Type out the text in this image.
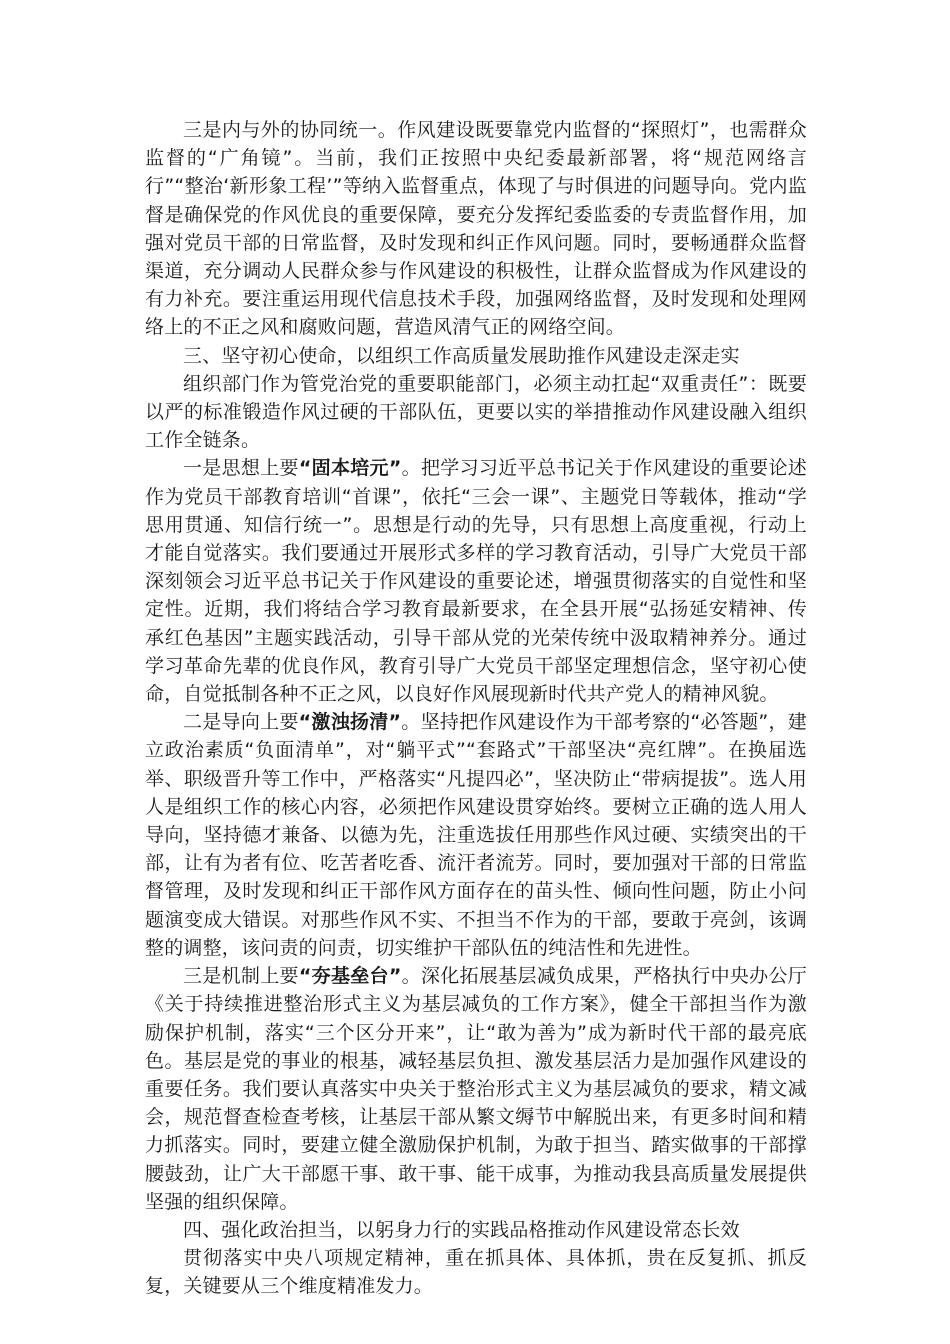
三是内与外的协同统一。作风建设既要靠党内监督的“探照灯”，也需群众监督的“广角镜”。当前，我们正按照中央纪委最新部署，将“规范网络言行”“整治‘新形象工程’”等纳入监督重点，体现了与时俱进的问题导向。党内监督是确保党的作风优良的重要保障，要充分发挥纪委监委的专责监督作用，加强对党员干部的日常监督，及时发现和纠正作风问题。同时，要畅通群众监督渠道，充分调动人民群众参与作风建设的积极性，让群众监督成为作风建设的有力补充。要注重运用现代信息技术手段，加强网络监督，及时发现和处理网络上的不正之风和腐败问题，营造风清气正的网络空间。

三、坚守初心使命，以组织工作高质量发展助推作风建设走深走实

组织部门作为管党治党的重要职能部门，必须主动扛起“双重责任”：既要以严的标准锻造作风过硬的干部队伍，更要以实的举措推动作风建设融入组织工作全链条。

一是思想上要“固本培元”。把学习习近平总书记关于作风建设的重要论述作为党员干部教育培训“首课”，依托“三会一课”、主题党日等载体，推动“学思用贯通、知信行统一”。思想是行动的先导，只有思想上高度重视，行动上才能自觉落实。我们要通过开展形式多样的学习教育活动，引导广大党员干部深刻领会习近平总书记关于作风建设的重要论述，增强贯彻落实的自觉性和坚定性。近期，我们将结合学习教育最新要求，在全县开展“弘扬延安精神、传承红色基因”主题实践活动，引导干部从党的光荣传统中汲取精神养分。通过学习革命先辈的优良作风，教育引导广大党员干部坚定理想信念，坚守初心使命，自觉抵制各种不正之风，以良好作风展现新时代共产党人的精神风貌。

二是导向上要“激浊扬清”。坚持把作风建设作为干部考察的“必答题”，建立政治素质“负面清单”，对“躺平式”“套路式”干部坚决“亮红牌”。在换届选举、职级晋升等工作中，严格落实“凡提四必”，坚决防止“带病提拔”。选人用人是组织工作的核心内容，必须把作风建设贯穿始终。要树立正确的选人用人导向，坚持德才兼备、以德为先，注重选拔任用那些作风过硬、实绩突出的干部，让有为者有位、吃苦者吃香、流汗者流芳。同时，要加强对干部的日常监督管理，及时发现和纠正干部作风方面存在的苗头性、倾向性问题，防止小问题演变成大错误。对那些作风不实、不担当不作为的干部，要敢于亮剑，该调整的调整，该问责的问责，切实维护干部队伍的纯洁性和先进性。

三是机制上要“夯基垒台”。深化拓展基层减负成果，严格执行中央办公厅《关于持续推进整治形式主义为基层减负的工作方案》，健全干部担当作为激励保护机制，落实“三个区分开来”，让“敢为善为”成为新时代干部的最亮底色。基层是党的事业的根基，减轻基层负担、激发基层活力是加强作风建设的重要任务。我们要认真落实中央关于整治形式主义为基层减负的要求，精文减会，规范督查检查考核，让基层干部从繁文缛节中解脱出来，有更多时间和精力抓落实。同时，要建立健全激励保护机制，为敢于担当、踏实做事的干部撑腰鼓劲，让广大干部愿干事、敢干事、能干成事，为推动我县高质量发展提供坚强的组织保障。

四、强化政治担当，以躬身力行的实践品格推动作风建设常态长效

贯彻落实中央八项规定精神，重在抓具体、具体抓，贵在反复抓、抓反复，关键要从三个维度精准发力。
